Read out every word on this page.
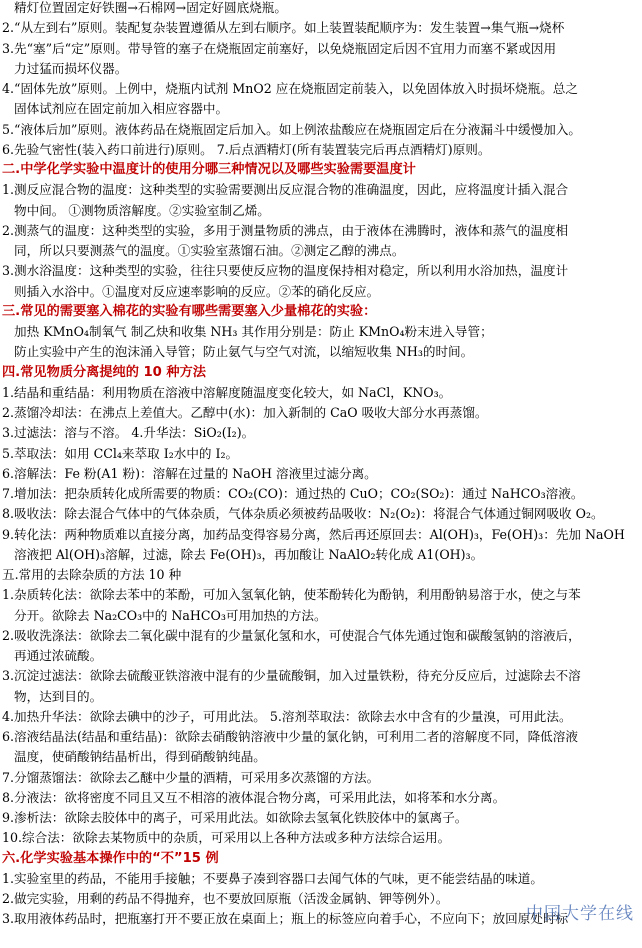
精灯位置固定好铁圈→石棉网→固定好圆底烧瓶。
2.“从左到右”原则。装配复杂装置遵循从左到右顺序。如上装置装配顺序为：发生装置→集气瓶→烧杯
3.先“塞”后“定”原则。带导管的塞子在烧瓶固定前塞好，以免烧瓶固定后因不宜用力而塞不紧或因用
力过猛而损坏仪器。
4.“固体先放”原则。上例中，烧瓶内试剂 MnO2 应在烧瓶固定前装入，以免固体放入时损坏烧瓶。总之
固体试剂应在固定前加入相应容器中。
5.“液体后加”原则。液体药品在烧瓶固定后加入。如上例浓盐酸应在烧瓶固定后在分液漏斗中缓慢加入。
6.先验气密性(装入药口前进行)原则。 7.后点酒精灯(所有装置装完后再点酒精灯)原则。
二.中学化学实验中温度计的使用分哪三种情况以及哪些实验需要温度计
1.测反应混合物的温度：这种类型的实验需要测出反应混合物的准确温度，因此，应将温度计插入混合
物中间。 ①测物质溶解度。②实验室制乙烯。
2.测蒸气的温度：这种类型的实验，多用于测量物质的沸点，由于液体在沸腾时，液体和蒸气的温度相
同，所以只要测蒸气的温度。①实验室蒸馏石油。②测定乙醇的沸点。
3.测水浴温度：这种类型的实验，往往只要使反应物的温度保持相对稳定，所以利用水浴加热，温度计
则插入水浴中。①温度对反应速率影响的反应。②苯的硝化反应。
三.常见的需要塞入棉花的实验有哪些需要塞入少量棉花的实验：
加热 KMnO₄制氧气 制乙炔和收集 NH₃ 其作用分别是：防止 KMnO₄粉末进入导管；
防止实验中产生的泡沫涌入导管；防止氨气与空气对流，以缩短收集 NH₃的时间。
四.常见物质分离提纯的 10 种方法
1.结晶和重结晶：利用物质在溶液中溶解度随温度变化较大，如 NaCl，KNO₃。
2.蒸馏冷却法：在沸点上差值大。乙醇中(水)：加入新制的 CaO 吸收大部分水再蒸馏。
3.过滤法：溶与不溶。 4.升华法：SiO₂(I₂)。
5.萃取法：如用 CCl₄来萃取 I₂水中的 I₂。
6.溶解法：Fe 粉(A1 粉)：溶解在过量的 NaOH 溶液里过滤分离。
7.增加法：把杂质转化成所需要的物质：CO₂(CO)：通过热的 CuO；CO₂(SO₂)：通过 NaHCO₃溶液。
8.吸收法：除去混合气体中的气体杂质，气体杂质必须被药品吸收：N₂(O₂)：将混合气体通过铜网吸收 O₂。
9.转化法：两种物质难以直接分离，加药品变得容易分离，然后再还原回去：Al(OH)₃，Fe(OH)₃：先加 NaOH
溶液把 Al(OH)₃溶解，过滤，除去 Fe(OH)₃，再加酸让 NaAlO₂转化成 A1(OH)₃。
五.常用的去除杂质的方法 10 种
1.杂质转化法：欲除去苯中的苯酚，可加入氢氧化钠，使苯酚转化为酚钠，利用酚钠易溶于水，使之与苯
分开。欲除去 Na₂CO₃中的 NaHCO₃可用加热的方法。
2.吸收洗涤法：欲除去二氧化碳中混有的少量氯化氢和水，可使混合气体先通过饱和碳酸氢钠的溶液后，
再通过浓硫酸。
3.沉淀过滤法：欲除去硫酸亚铁溶液中混有的少量硫酸铜，加入过量铁粉，待充分反应后，过滤除去不溶
物，达到目的。
4.加热升华法：欲除去碘中的沙子，可用此法。 5.溶剂萃取法：欲除去水中含有的少量溴，可用此法。
6.溶液结晶法(结晶和重结晶)：欲除去硝酸钠溶液中少量的氯化钠，可利用二者的溶解度不同，降低溶液
温度，使硝酸钠结晶析出，得到硝酸钠纯晶。
7.分馏蒸馏法：欲除去乙醚中少量的酒精，可采用多次蒸馏的方法。
8.分液法：欲将密度不同且又互不相溶的液体混合物分离，可采用此法，如将苯和水分离。
9.渗析法：欲除去胶体中的离子，可采用此法。如欲除去氢氧化铁胶体中的氯离子。
10.综合法：欲除去某物质中的杂质，可采用以上各种方法或多种方法综合运用。
六.化学实验基本操作中的“不”15 例
1.实验室里的药品，不能用手接触；不要鼻子凑到容器口去闻气体的气味，更不能尝结晶的味道。
2.做完实验，用剩的药品不得抛弃，也不要放回原瓶（活泼金属钠、钾等例外）。
3.取用液体药品时，把瓶塞打开不要正放在桌面上；瓶上的标签应向着手心，不应向下；放回原处时标
中国大学在线
